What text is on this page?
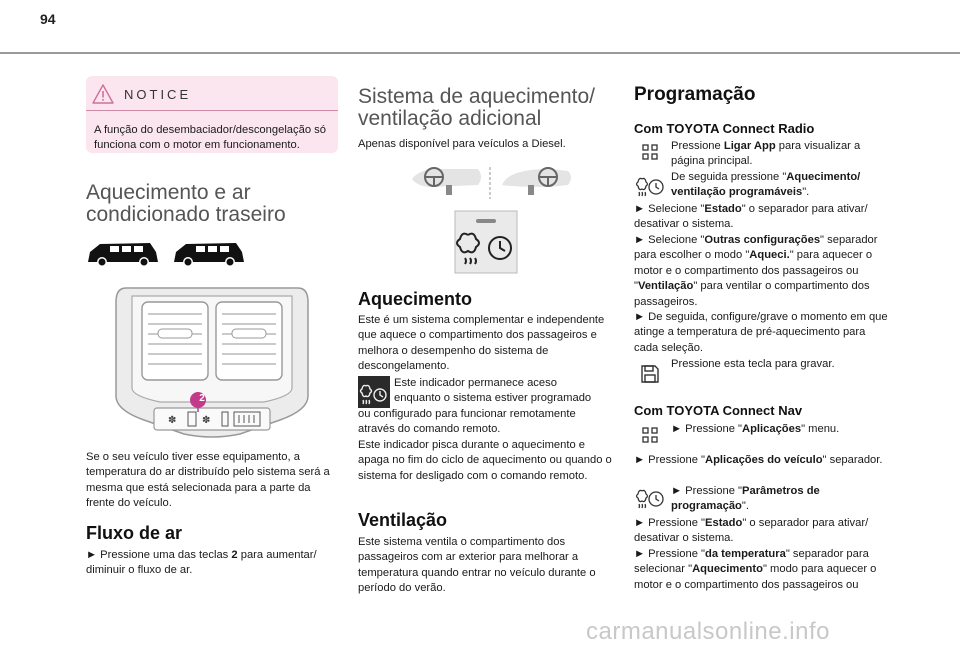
94
NOTICE
A função do desembaciador/descongelação só funciona com o motor em funcionamento.
Aquecimento e ar
condicionado traseiro
✽	✽
2

Se o seu veículo tiver esse equipamento, a temperatura do ar distribuído pelo sistema será a mesma que está selecionada para a parte da frente do veículo.

Fluxo de ar

► Pressione uma das teclas 2 para aumentar/ diminuir o fluxo de ar.

Sistema de aquecimento/
ventilação adicional

Apenas disponível para veículos a Diesel.

Aquecimento

Este é um sistema complementar e independente que aquece o compartimento dos passageiros e melhora o desempenho do sistema de descongelamento.

Este indicador permanece aceso

enquanto o sistema estiver programado

ou configurado para funcionar remotamente através do comando remoto.

Este indicador pisca durante o aquecimento e apaga no fim do ciclo de aquecimento ou quando o sistema for desligado com o comando remoto.

Ventilação

Este sistema ventila o compartimento dos passageiros com ar exterior para melhorar a temperatura quando entrar no veículo durante o período do verão.

Programação
Com TOYOTA Connect Radio

Pressione Ligar App para visualizar a página principal.

De seguida pressione "Aquecimento/ ventilação programáveis".

► Selecione "Estado" o separador para ativar/ desativar o sistema.

► Selecione "Outras configurações" separador para escolher o modo "Aqueci." para aquecer o motor e o compartimento dos passageiros ou "Ventilação" para ventilar o compartimento dos passageiros.

► De seguida, configure/grave o momento em que atinge a temperatura de pré-aquecimento para cada seleção.

Pressione esta tecla para gravar.

Com TOYOTA Connect Nav

► Pressione "Aplicações" menu.

► Pressione "Aplicações do veículo" separador.

► Pressione "Parâmetros de programação".

► Pressione "Estado" o separador para ativar/ desativar o sistema.

► Pressione "da temperatura" separador para selecionar "Aquecimento" modo para aquecer o motor e o compartimento dos passageiros ou

carmanualsonline.info
